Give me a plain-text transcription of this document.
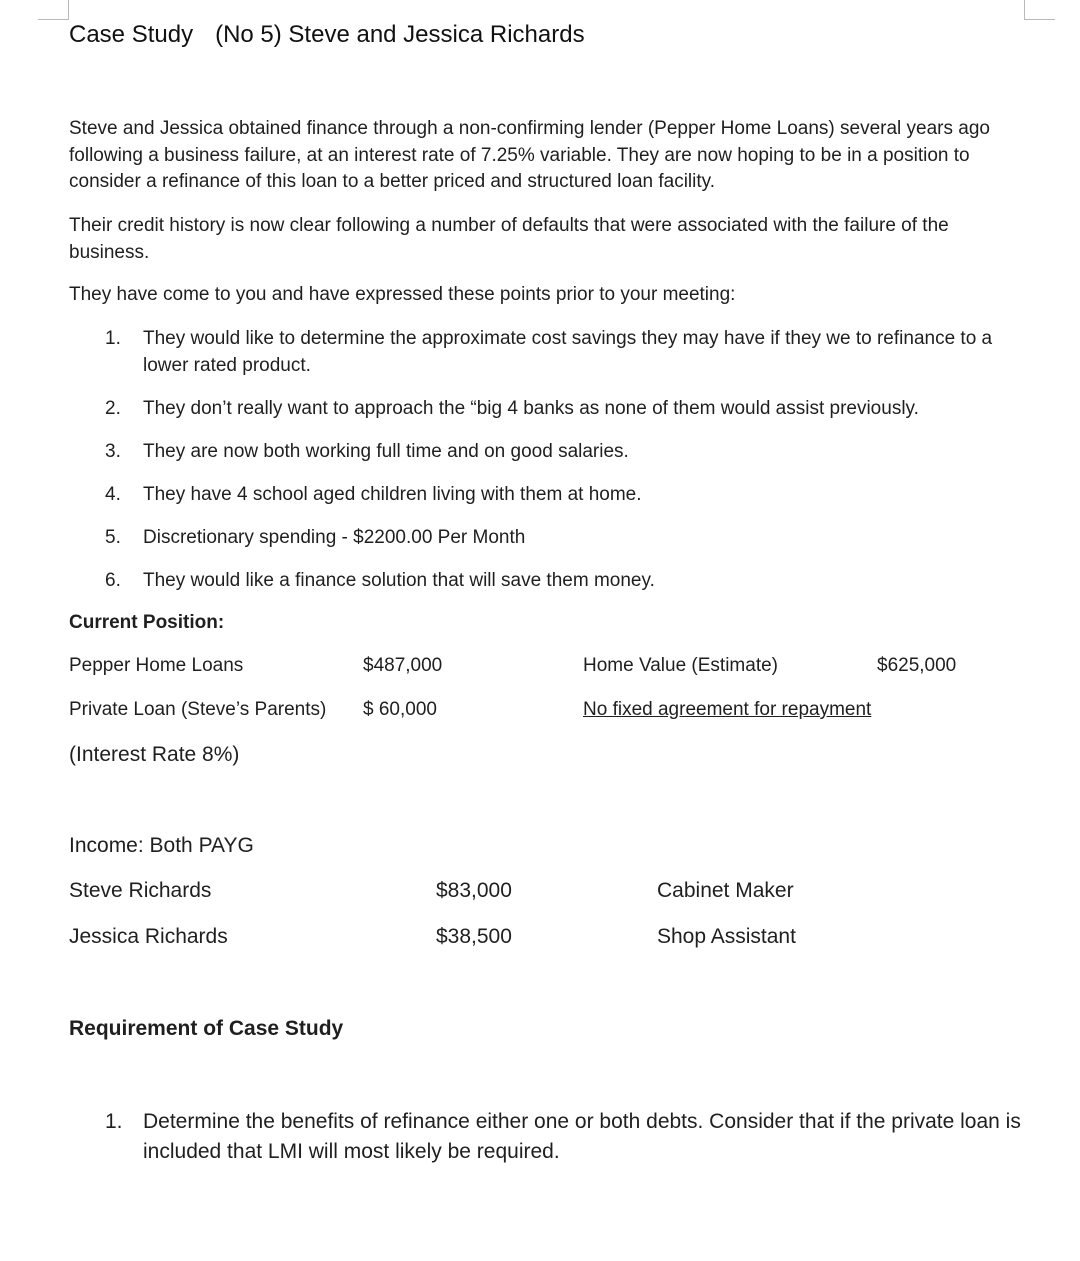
Case Study (No 5) Steve and Jessica Richards
Steve and Jessica obtained finance through a non-confirming lender (Pepper Home Loans) several years ago following a business failure, at an interest rate of 7.25% variable. They are now hoping to be in a position to consider a refinance of this loan to a better priced and structured loan facility.
Their credit history is now clear following a number of defaults that were associated with the failure of the business.
They have come to you and have expressed these points prior to your meeting:
1. They would like to determine the approximate cost savings they may have if they we to refinance to a lower rated product.
2. They don’t really want to approach the “big 4 banks as none of them would assist previously.
3. They are now both working full time and on good salaries.
4. They have 4 school aged children living with them at home.
5. Discretionary spending - $2200.00 Per Month
6. They would like a finance solution that will save them money.
Current Position:
Pepper Home Loans	$487,000	Home Value (Estimate)	$625,000
Private Loan (Steve’s Parents) $ 60,000	No fixed agreement for repayment
(Interest Rate 8%)
Income: Both PAYG
Steve Richards	$83,000	Cabinet Maker
Jessica Richards	$38,500	Shop Assistant
Requirement of Case Study
1. Determine the benefits of refinance either one or both debts. Consider that if the private loan is included that LMI will most likely be required.
